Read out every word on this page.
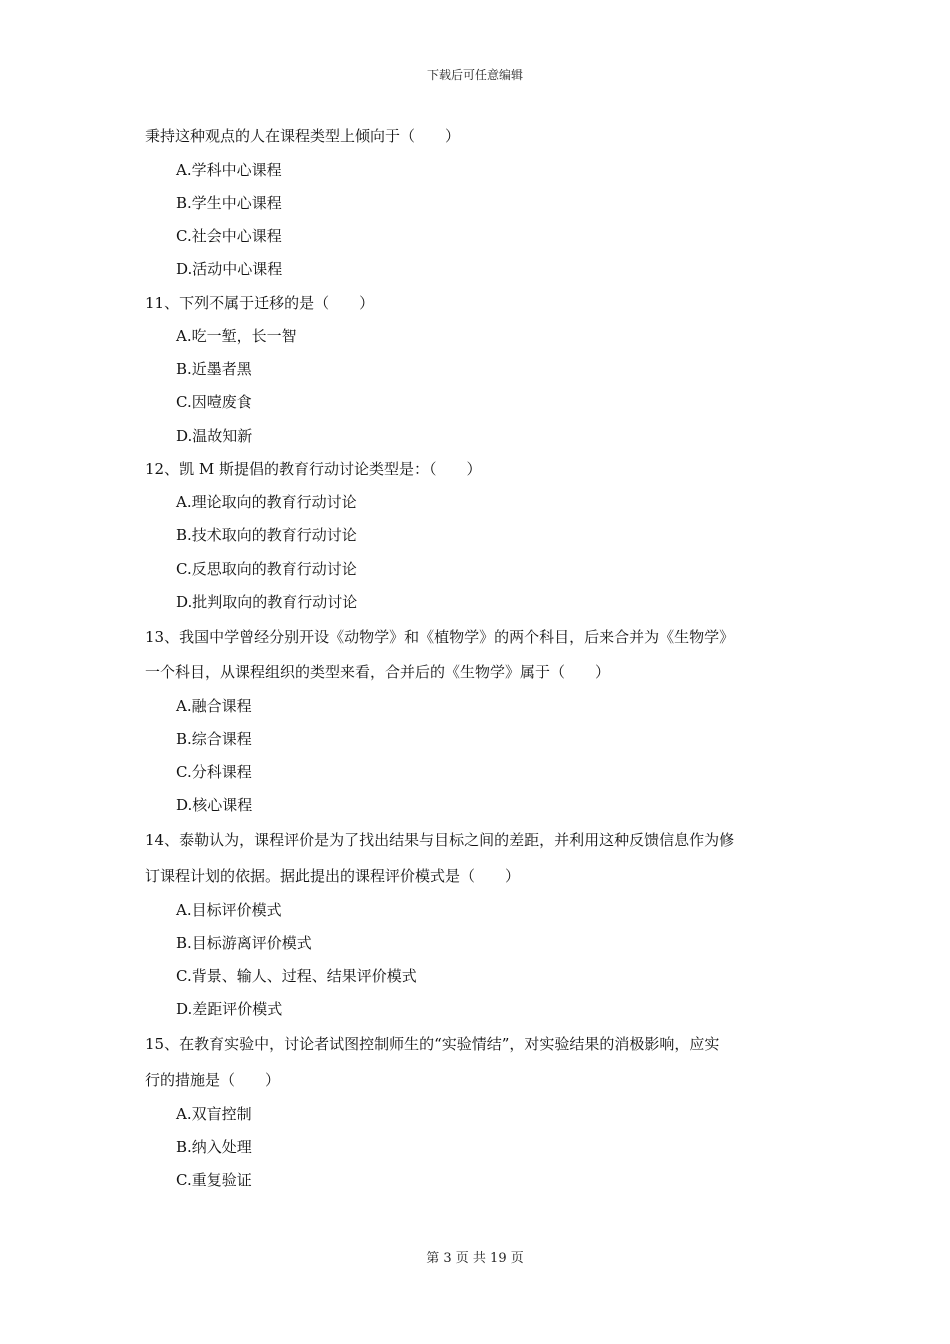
下载后可任意编辑
秉持这种观点的人在课程类型上倾向于（　　）
A.学科中心课程
B.学生中心课程
C.社会中心课程
D.活动中心课程
11、下列不属于迁移的是（　　）
A.吃一堑，长一智
B.近墨者黑
C.因噎废食
D.温故知新
12、凯 M 斯提倡的教育行动讨论类型是：（　　）
A.理论取向的教育行动讨论
B.技术取向的教育行动讨论
C.反思取向的教育行动讨论
D.批判取向的教育行动讨论
13、我国中学曾经分别开设《动物学》和《植物学》的两个科目，后来合并为《生物学》
一个科目，从课程组织的类型来看，合并后的《生物学》属于（　　）
A.融合课程
B.综合课程
C.分科课程
D.核心课程
14、泰勒认为，课程评价是为了找出结果与目标之间的差距，并利用这种反馈信息作为修
订课程计划的依据。据此提出的课程评价模式是（　　）
A.目标评价模式
B.目标游离评价模式
C.背景、输人、过程、结果评价模式
D.差距评价模式
15、在教育实验中，讨论者试图控制师生的“实验情结”，对实验结果的消极影响，应实
行的措施是（　　）
A.双盲控制
B.纳入处理
C.重复验证
第 3 页 共 19 页
